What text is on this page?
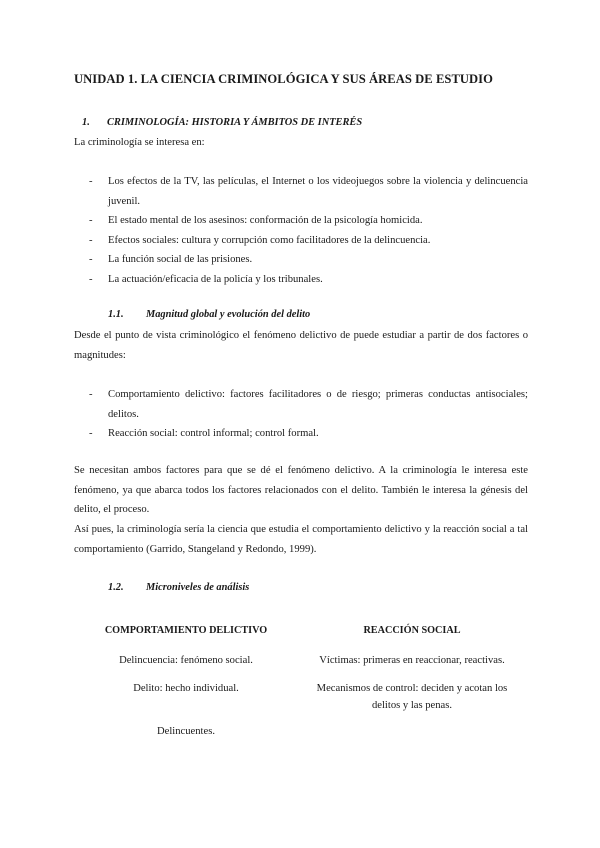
UNIDAD 1. LA CIENCIA CRIMINOLÓGICA Y SUS ÁREAS DE ESTUDIO
1. CRIMINOLOGÍA: HISTORIA Y ÁMBITOS DE INTERÉS
La criminología se interesa en:
- Los efectos de la TV, las películas, el Internet o los videojuegos sobre la violencia y delincuencia juvenil.
- El estado mental de los asesinos: conformación de la psicología homicida.
- Efectos sociales: cultura y corrupción como facilitadores de la delincuencia.
- La función social de las prisiones.
- La actuación/eficacia de la policía y los tribunales.
1.1. Magnitud global y evolución del delito
Desde el punto de vista criminológico el fenómeno delictivo de puede estudiar a partir de dos factores o magnitudes:
- Comportamiento delictivo: factores facilitadores o de riesgo; primeras conductas antisociales; delitos.
- Reacción social: control informal; control formal.
Se necesitan ambos factores para que se dé el fenómeno delictivo. A la criminología le interesa este fenómeno, ya que abarca todos los factores relacionados con el delito. También le interesa la génesis del delito, el proceso.
Así pues, la criminología sería la ciencia que estudia el comportamiento delictivo y la reacción social a tal comportamiento (Garrido, Stangeland y Redondo, 1999).
1.2. Microniveles de análisis
COMPORTAMIENTO DELICTIVO	REACCIÓN SOCIAL
Delincuencia: fenómeno social.
Delito: hecho individual.
Delincuentes.
Víctimas: primeras en reaccionar, reactivas.
Mecanismos de control: deciden y acotan los delitos y las penas.
